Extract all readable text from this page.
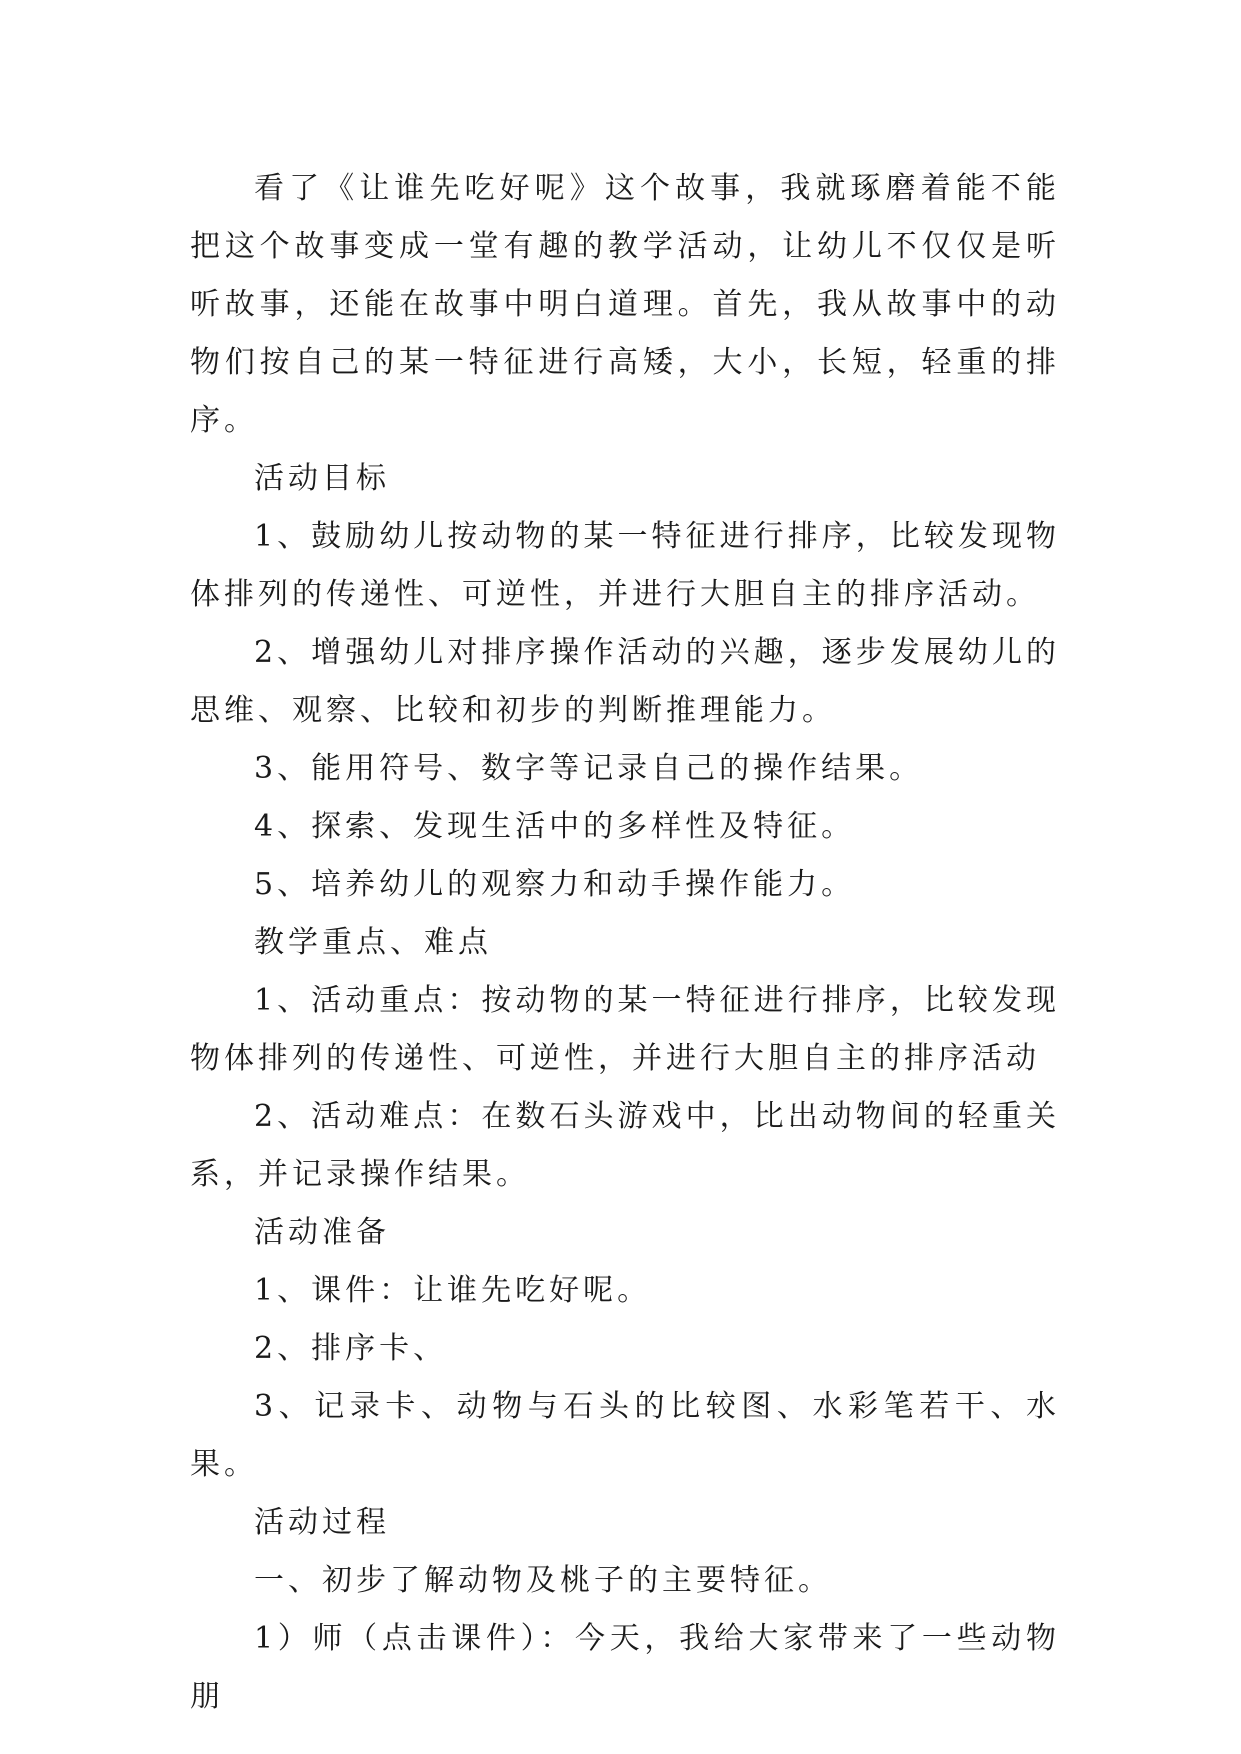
看了《让谁先吃好呢》这个故事，我就琢磨着能不能把这个故事变成一堂有趣的教学活动，让幼儿不仅仅是听听故事，还能在故事中明白道理。首先，我从故事中的动物们按自己的某一特征进行高矮，大小，长短，轻重的排序。

活动目标

1、鼓励幼儿按动物的某一特征进行排序，比较发现物体排列的传递性、可逆性，并进行大胆自主的排序活动。

2、增强幼儿对排序操作活动的兴趣，逐步发展幼儿的思维、观察、比较和初步的判断推理能力。

3、能用符号、数字等记录自己的操作结果。

4、探索、发现生活中的多样性及特征。

5、培养幼儿的观察力和动手操作能力。

教学重点、难点

1、活动重点：按动物的某一特征进行排序，比较发现物体排列的传递性、可逆性，并进行大胆自主的排序活动

2、活动难点：在数石头游戏中，比出动物间的轻重关系，并记录操作结果。

活动准备

1、课件：让谁先吃好呢。

2、排序卡、

3、记录卡、动物与石头的比较图、水彩笔若干、水果。

活动过程

一、初步了解动物及桃子的主要特征。

1）师（点击课件）：今天，我给大家带来了一些动物朋
